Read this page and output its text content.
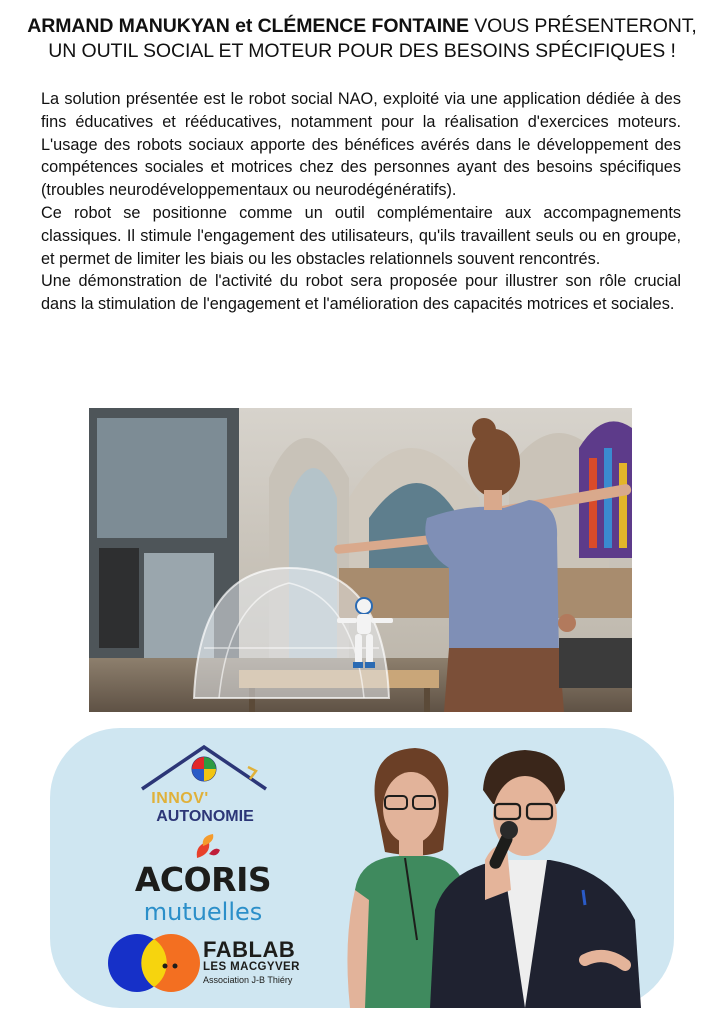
ARMAND MANUKYAN et CLÉMENCE FONTAINE VOUS PRÉSENTERONT,
UN OUTIL SOCIAL ET MOTEUR POUR DES BESOINS SPÉCIFIQUES !

La solution présentée est le robot social NAO, exploité via une application dédiée à des fins éducatives et rééducatives, notamment pour la réalisation d'exercices moteurs. L'usage des robots sociaux apporte des bénéfices avérés dans le développement des compétences sociales et motrices chez des personnes ayant des besoins spécifiques (troubles neurodéveloppementaux ou neurodégénératifs).

Ce robot se positionne comme un outil complémentaire aux accompagnements classiques. Il stimule l'engagement des utilisateurs, qu'ils travaillent seuls ou en groupe, et permet de limiter les biais ou les obstacles relationnels souvent rencontrés.

Une démonstration de l'activité du robot sera proposée pour illustrer son rôle crucial dans la stimulation de l'engagement et l'amélioration des capacités motrices et sociales.

INNOV'

AUTONOMIE

ACORIS

mutuelles

FABLAB

LES MACGYVER

Association J-B Thiéry
